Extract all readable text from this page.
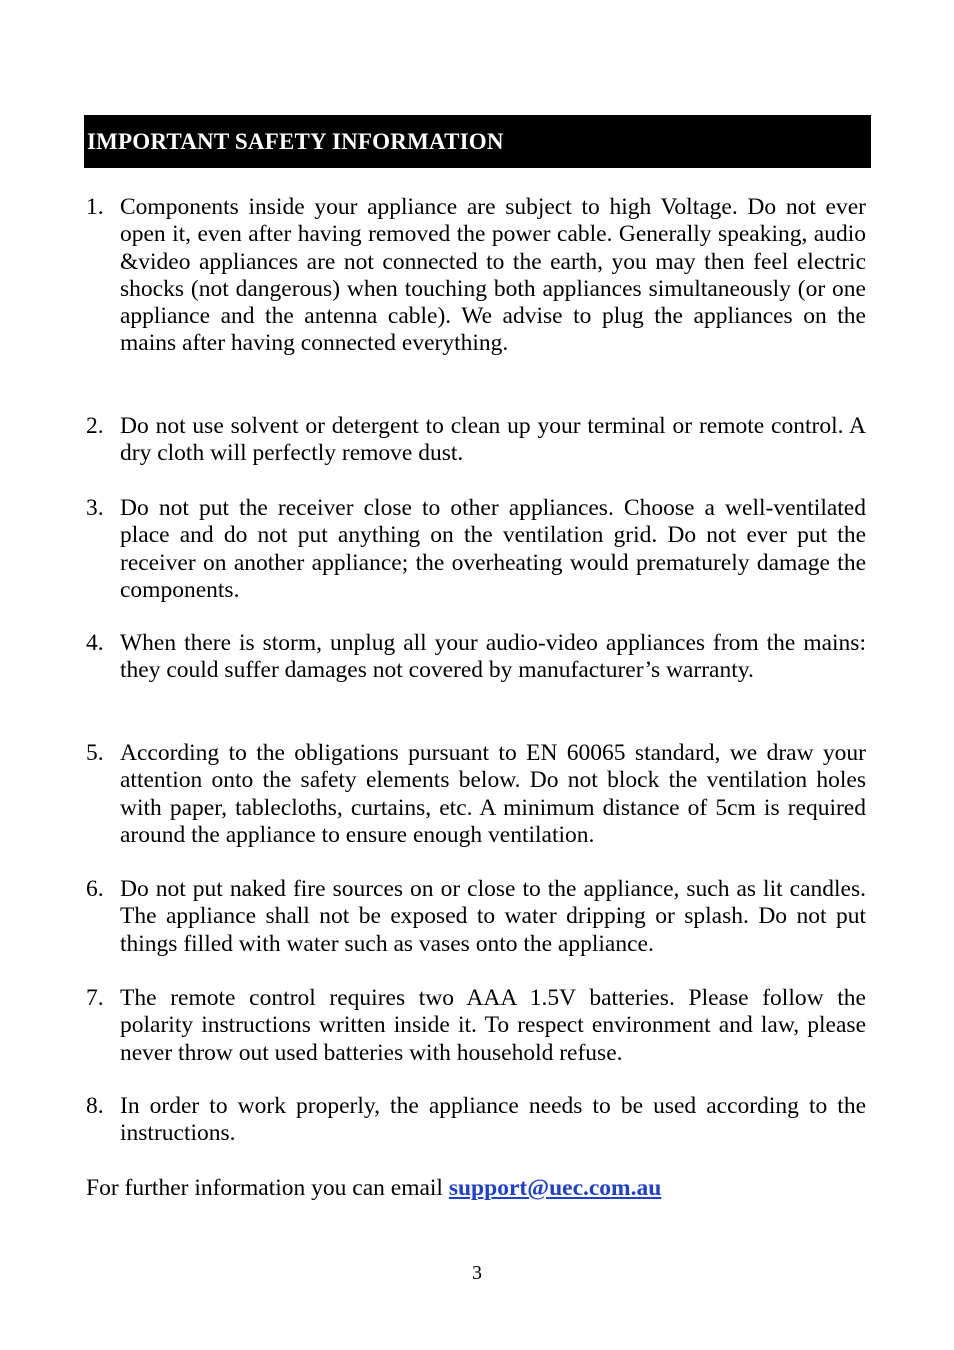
IMPORTANT SAFETY INFORMATION
1. Components inside your appliance are subject to high Voltage. Do not ever open it, even after having removed the power cable. Generally speaking, audio &video appliances are not connected to the earth, you may then feel electric shocks (not dangerous) when touching both appliances simultaneously (or one appliance and the antenna cable). We advise to plug the appliances on the mains after having connected everything.
2. Do not use solvent or detergent to clean up your terminal or remote control. A dry cloth will perfectly remove dust.
3. Do not put the receiver close to other appliances. Choose a well-ventilated place and do not put anything on the ventilation grid. Do not ever put the receiver on another appliance; the overheating would prematurely damage the components.
4. When there is storm, unplug all your audio-video appliances from the mains: they could suffer damages not covered by manufacturer’s warranty.
5. According to the obligations pursuant to EN 60065 standard, we draw your attention onto the safety elements below. Do not block the ventilation holes with paper, tablecloths, curtains, etc. A minimum distance of 5cm is required around the appliance to ensure enough ventilation.
6. Do not put naked fire sources on or close to the appliance, such as lit candles. The appliance shall not be exposed to water dripping or splash. Do not put things filled with water such as vases onto the appliance.
7. The remote control requires two AAA 1.5V batteries. Please follow the polarity instructions written inside it. To respect environment and law, please never throw out used batteries with household refuse.
8. In order to work properly, the appliance needs to be used according to the instructions.
For further information you can email support@uec.com.au
3
